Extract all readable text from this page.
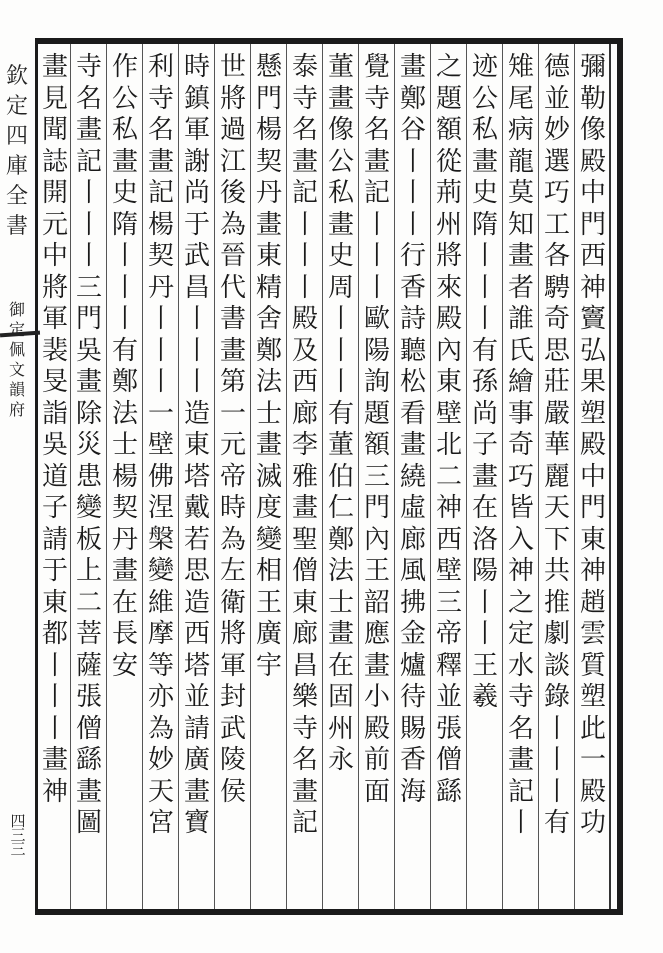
彌
勒
像
殿
中
門
西
神
竇
弘
果
塑
殿
中
門
東
神
趙
雲
質
塑
此
一
殿
功
德
並
妙
選
巧
工
各
騁
奇
思
莊
嚴
華
麗
天
下
共
推
劇
談
錄
丨
丨
丨
有
雉
尾
病
龍
莫
知
畫
者
誰
氏
繪
事
奇
巧
皆
入
神
之
定
水
寺
名
畫
記
丨
迹
公
私
畫
史
隋
丨
丨
丨
有
孫
尚
子
畫
在
洛
陽
丨
丨
王
羲
之
題
額
從
荊
州
將
來
殿
內
東
壁
北
二
神
西
壁
三
帝
釋
並
張
僧
繇
畫
鄭
谷
丨
丨
丨
行
香
詩
聽
松
看
畫
繞
虛
廊
風
拂
金
爐
待
賜
香
海
覺
寺
名
畫
記
丨
丨
丨
歐
陽
詢
題
額
三
門
內
王
韶
應
畫
小
殿
前
面
董
畫
像
公
私
畫
史
周
丨
丨
丨
有
董
伯
仁
鄭
法
士
畫
在
固
州
永
泰
寺
名
畫
記
丨
丨
丨
殿
及
西
廊
李
雅
畫
聖
僧
東
廊
昌
樂
寺
名
畫
記
懸
門
楊
契
丹
畫
東
精
舍
鄭
法
士
畫
滅
度
變
相
王
廣
宇
世
將
過
江
後
為
晉
代
書
畫
第
一
元
帝
時
為
左
衛
將
軍
封
武
陵
侯
時
鎮
軍
謝
尚
于
武
昌
丨
丨
丨
造
東
塔
戴
若
思
造
西
塔
並
請
廣
畫
寶
利
寺
名
畫
記
楊
契
丹
丨
丨
丨
一
壁
佛
涅
槃
變
維
摩
等
亦
為
妙
天
宮
作
公
私
畫
史
隋
丨
丨
丨
有
鄭
法
士
楊
契
丹
畫
在
長
安
寺
名
畫
記
丨
丨
丨
三
門
吳
畫
除
災
患
變
板
上
二
菩
薩
張
僧
繇
畫
圖
畫
見
聞
誌
開
元
中
將
軍
裴
旻
詣
吳
道
子
請
于
東
都
丨
丨
丨
畫
神
欽
定
四
庫
全
書
御
定
佩
文
韻
府
四
三
三
